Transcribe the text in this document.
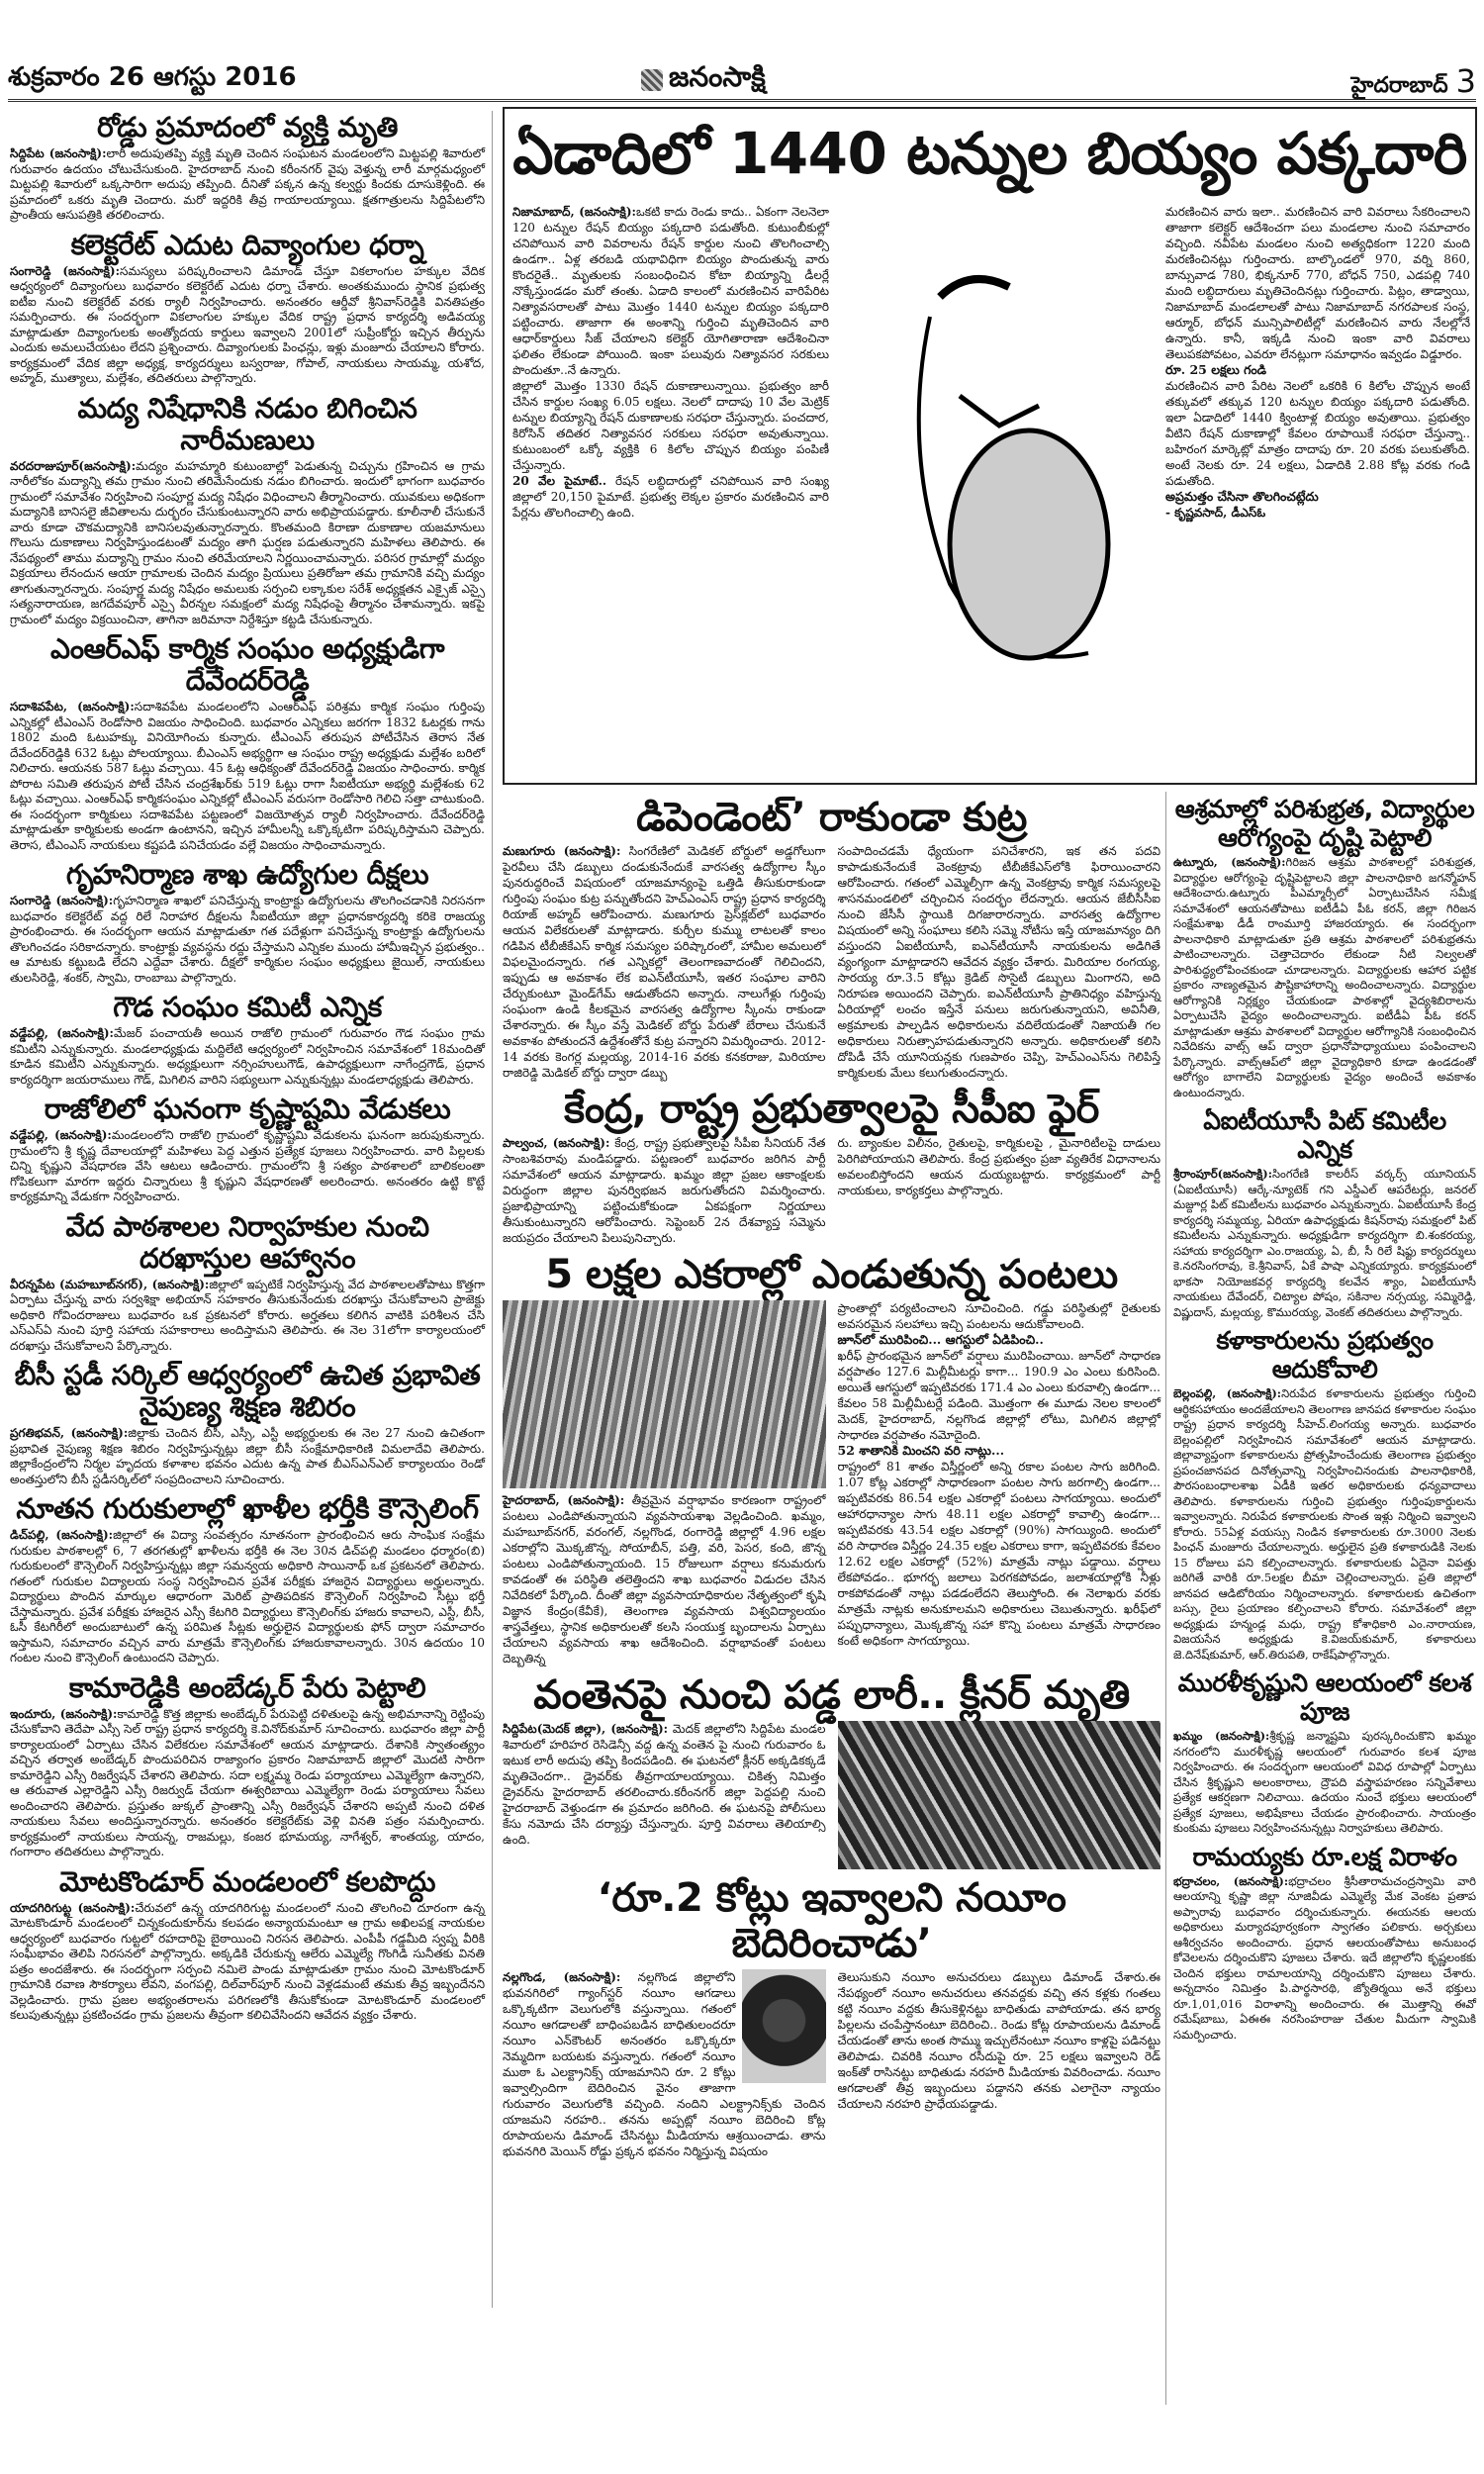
శుక్రవారం 26 ఆగస్టు 2016	జనంసాక్షి	హైదరాబాద్ 3
రోడ్డు ప్రమాదంలో వ్యక్తి మృతి

సిద్దిపేట (జనంసాక్షి):లారీ అదుపుతప్పి వ్యక్తి మృతి చెందిన సంఘటన మండలంలోని మిట్టపల్లి శివారులో గురువారం ఉదయం చోటుచేసుకుంది. హైదరాబాద్ నుంచి కరీంనగర్ వైపు వెళ్తున్న లారీ మార్గమధ్యంలో మిట్టపల్లి శివారులో ఒక్కసారిగా అదుపు తప్పింది. దీనితో పక్కన ఉన్న కల్వర్టు కిందకు దూసుకెళ్లింది. ఈ ప్రమాదంలో ఒకరు మృతి చెందారు. మరో ఇద్దరికి తీవ్ర గాయాలయ్యాయి. క్షతగాత్రులను సిద్దిపేటలోని ప్రాంతీయ ఆసుపత్రికి తరలించారు.

కలెక్టరేట్ ఎదుట దివ్యాంగుల ధర్నా

సంగారెడ్డి (జనంసాక్షి):సమస్యలు పరిష్కరించాలని డిమాండ్ చేస్తూ వికలాంగుల హక్కుల వేదిక ఆధ్వర్యంలో దివ్యాంగులు బుధవారం కలెక్టరేట్ ఎదుట ధర్నా చేశారు. అంతకుముందు స్థానిక ప్రభుత్వ ఐటీఐ నుంచి కలెక్టరేట్ వరకు ర్యాలీ నిర్వహించారు. అనంతరం ఆర్డీవో శ్రీనివాస్‌రెడ్డికి వినతిపత్రం సమర్పించారు. ఈ సందర్భంగా వికలాంగుల హక్కుల వేదిక రాష్ట్ర ప్రధాన కార్యదర్శి అడివయ్య మాట్లాడుతూ దివ్యాంగులకు అంత్యోదయ కార్డులు ఇవ్వాలని 2001లో సుప్రీంకోర్టు ఇచ్చిన తీర్పును ఎందుకు అమలుచేయటం లేదని ప్రశ్నించారు. దివ్యాంగులకు పింఛన్లు, ఇళ్లు మంజూరు చేయాలని కోరారు. కార్యక్రమంలో వేదిక జిల్లా అధ్యక్ష, కార్యదర్శులు బస్వరాజు, గోపాల్, నాయకులు సాయమ్మ, యశోద, అహ్మద్, ముత్యాలు, మల్లేశం, తదితరులు పాల్గొన్నారు.

మద్య నిషేధానికి నడుం బిగించిన నారీమణులు

వరదరాజుపూర్(జనంసాక్షి):మద్యం మహమ్మారి కుటుంబాల్లో పెడుతున్న చిచ్చును గ్రహించిన ఆ గ్రామ నారీలోకం మద్యాన్ని తమ గ్రామం నుంచి తరిమేసేందుకు నడుం బిగించారు. ఇందులో భాగంగా బుధవారం గ్రామంలో సమావేశం నిర్వహించి సంపూర్ణ మద్య నిషేధం విధించాలని తీర్మానించారు. యువకులు అధికంగా మద్యానికి బానిసలై జీవితాలను దుర్భరం చేసుకుంటున్నారని వారు అభిప్రాయపడ్డారు. కూలీనాలీ చేసుకునే వారు కూడా చౌకమద్యానికి బానిసలవుతున్నారన్నారు. కొంతమంది కిరాణా దుకాణాల యజమానులు గొలుసు దుకాణాలు నిర్వహిస్తుండటంతో మద్యం తాగి ఘర్షణ పడుతున్నారని మహిళలు తెలిపారు. ఈ నేపథ్యంలో తాము మద్యాన్ని గ్రామం నుంచి తరిమేయాలని నిర్ణయించామన్నారు. పరిసర గ్రామాల్లో మద్యం విక్రయాలు లేనందున ఆయా గ్రామాలకు చెందిన మద్యం ప్రియులు ప్రతిరోజూ తమ గ్రామానికి వచ్చి మద్యం తాగుతున్నారన్నారు. సంపూర్ణ మద్య నిషేధం అమలుకు సర్పంచి లక్కాకుల సరేశ్ అధ్యక్షతన ఎక్సైజ్ ఎస్సై సత్యనారాయణ, జగదేవపూర్ ఎస్సై వీరన్నల సమక్షంలో మద్య నిషేధంపై తీర్మానం చేశామన్నారు. ఇకపై గ్రామంలో మద్యం విక్రయించినా, తాగినా జరిమానా నిర్దేశిస్తూ కట్టడి చేసుకున్నారు.

ఎంఆర్‌ఎఫ్ కార్మిక సంఘం అధ్యక్షుడిగా దేవేందర్‌రెడ్డి

సదాశివపేట, (జనంసాక్షి):సదాశివపేట మండలంలోని ఎంఆర్‌ఎఫ్ పరిశ్రమ కార్మిక సంఘం గుర్తింపు ఎన్నికల్లో టీఎంఎస్ రెండోసారి విజయం సాధించింది. బుధవారం ఎన్నికలు జరగగా 1832 ఓటర్లకు గాను 1802 మంది ఓటుహక్కు వినియోగించు కున్నారు. టీఎంఎస్ తరుపున పోటీచేసిన తెరాస నేత దేవేందర్‌రెడ్డికి 632 ఓట్లు పోలయ్యాయి. బీఎంఎస్ అభ్యర్థిగా ఆ సంఘం రాష్ట్ర అధ్యక్షుడు మల్లేశం బరిలో నిలిచారు. ఆయనకు 587 ఓట్లు వచ్చాయి. 45 ఓట్ల ఆధిక్యంతో దేవేందర్‌రెడ్డి విజయం సాధించారు. కార్మిక పోరాట సమితి తరుపున పోటీ చేసిన చంద్రశేఖర్‌కు 519 ఓట్లు రాగా సీఐటీయూ అభ్యర్థి మల్లేశంకు 62 ఓట్లు వచ్చాయి. ఎంఆర్‌ఎఫ్ కార్మికసంఘం ఎన్నికల్లో టీఎంఎస్ వరుసగా రెండోసారి గెలిచి సత్తా చాటుకుంది. ఈ సందర్భంగా కార్మికులు సదాశివపేట పట్టణంలో విజయోత్సవ ర్యాలీ నిర్వహించారు. దేవేందర్‌రెడ్డి మాట్లాడుతూ కార్మికులకు అండగా ఉంటానని, ఇచ్చిన హామీలన్నీ ఒక్కొక్కటిగా పరిష్కరిస్తామని చెప్పారు. తెరాస, టీఎంఎస్ నాయకులు కష్టపడి పనిచేయడం వల్లే విజయం సాధించామన్నారు.

గృహనిర్మాణ శాఖ ఉద్యోగుల దీక్షలు

సంగారెడ్డి (జనంసాక్షి):గృహనిర్మాణ శాఖలో పనిచేస్తున్న కాంట్రాక్టు ఉద్యోగులను తొలగించడానికి నిరసనగా బుధవారం కలెక్టరేట్ వద్ద రిలే నిరాహార దీక్షలను సీఐటీయూ జిల్లా ప్రధానకార్యదర్శి కరికె రాజయ్య ప్రారంభించారు. ఈ సందర్భంగా ఆయన మాట్లాడుతూ గత పదేళ్లుగా పనిచేస్తున్న కాంట్రాక్టు ఉద్యోగులను తొలగించడం సరికాదన్నారు. కాంట్రాక్టు వ్యవస్థను రద్దు చేస్తామని ఎన్నికల ముందు హామీఇచ్చిన ప్రభుత్వం.. ఆ మాటకు కట్టుబడి లేదని ఎద్దేవా చేశారు. దీక్షలో కార్మికుల సంఘం అధ్యక్షులు జైయిల్, నాయకులు తులసిరెడ్డి, శంకర్, స్వామి, రాంబాబు పాల్గొన్నారు.

గౌడ సంఘం కమిటీ ఎన్నిక

వడ్డేపల్లి, (జనంసాక్షి):మేజర్ పంచాయతీ అయిన రాజోలి గ్రామంలో గురువారం గౌడ సంఘం గ్రామ కమిటీని ఎన్నుకున్నారు. మండలాధ్యక్షుడు మద్దిలేటి ఆధ్వర్యంలో నిర్వహించిన సమావేశంలో 18మందితో కూడిన కమిటీని ఎన్నుకున్నారు. అధ్యక్షులుగా నర్సింహులుగౌడ్, ఉపాధ్యక్షులుగా నాగేంద్రగౌడ్, ప్రధాన కార్యదర్శిగా జయరాములు గౌడ్, మిగిలిన వారిని సభ్యులుగా ఎన్నుకున్నట్లు మండలాధ్యక్షుడు తెలిపారు.

రాజోలిలో ఘనంగా కృష్ణాష్టమి వేడుకలు

వడ్డేపల్లి, (జనంసాక్షి):మండలంలోని రాజోలి గ్రామంలో కృష్ణాష్టమి వేడుకలను ఘనంగా జరుపుకున్నారు. గ్రామంలోని శ్రీ కృష్ణ దేవాలయాల్లో మహిళలు పెద్ద ఎత్తున ప్రత్యేక పూజలు నిర్వహించారు. వారి పిల్లలకు చిన్ని కృష్ణుని వేషధారణ వేసి ఆటలు ఆడించారు. గ్రామంలోని శ్రీ సత్యం పాఠశాలలో బాలికలంతా గోపికలుగా మారగా ఇద్దరు చిన్నారులు శ్రీ కృష్ణుని వేషధారణతో అలరించారు. అనంతరం ఉట్టి కొట్టే కార్యక్రమాన్ని వేడుకగా నిర్వహించారు.

వేద పాఠశాలల నిర్వాహకుల నుంచి దరఖాస్తుల ఆహ్వానం

వీరన్నపేట (మహబూబ్‌నగర్), (జనంసాక్షి):జిల్లాలో ఇప్పటికే నిర్వహిస్తున్న వేద పాఠశాలలతోపాటు కొత్తగా ఏర్పాటు చేస్తున్న వారు సర్వశిక్షా అభియాన్ సహకారం తీసుకునేందుకు దరఖాస్తు చేసుకోవాలని ప్రాజెక్టు అధికారి గోవిందరాజులు బుధవారం ఒక ప్రకటనలో కోరారు. అర్హతలు కలిగిన వాటికి పరిశీలన చేసి ఎస్‌ఎస్‌ఏ నుంచి పూర్తి సహాయ సహకారాలు అందిస్తామని తెలిపారు. ఈ నెల 31లోగా కార్యాలయంలో దరఖాస్తు చేసుకోవాలని పేర్కొన్నారు.

బీసీ స్టడీ సర్కిల్ ఆధ్వర్యంలో ఉచిత ప్రభావిత నైపుణ్య శిక్షణ శిబిరం

ప్రగతిభవన్, (జనంసాక్షి):జిల్లాకు చెందిన బీసీ, ఎస్సీ, ఎస్టీ అభ్యర్థులకు ఈ నెల 27 నుంచి ఉచితంగా ప్రభావిత నైపుణ్య శిక్షణ శిబిరం నిర్వహిస్తున్నట్లు జిల్లా బీసీ సంక్షేమాధికారిణి విమలాదేవి తెలిపారు. జిల్లాకేంద్రంలోని నిర్మల హృదయ కళాశాల భవనం ఎదుట ఉన్న పాత బీఎస్‌ఎన్‌ఎల్ కార్యాలయం రెండో అంతస్తులోని బీసీ స్టడీసర్కిల్‌లో సంప్రదించాలని సూచించారు.

నూతన గురుకులాల్లో ఖాళీల భర్తీకి కౌన్సెలింగ్

డిచ్‌పల్లి, (జనంసాక్షి):జిల్లాలో ఈ విద్యా సంవత్సరం నూతనంగా ప్రారంభించిన ఆరు సాంఘిక సంక్షేమ గురుకుల పాఠశాలల్లో 6, 7 తరగతుల్లో ఖాళీలను భర్తీకి ఈ నెల 30న డిచ్‌పల్లి మండలం ధర్మారం(బి) గురుకులంలో కౌన్సెలింగ్ నిర్వహిస్తున్నట్లు జిల్లా సమన్వయ అధికారి సాయినాథ్ ఒక ప్రకటనలో తెలిపారు. గతంలో గురుకుల విద్యాలయ సంస్థ నిర్వహించిన ప్రవేశ పరీక్షకు హాజరైన విద్యార్థులు అర్హులన్నారు. విద్యార్థులు పొందిన మార్కుల ఆధారంగా మెరిట్ ప్రాతిపదికన కౌన్సెలింగ్ నిర్వహించి సీట్లు భర్తీ చేస్తామన్నారు. ప్రవేశ పరీక్షకు హాజరైన ఎస్సీ కేటగిరి విద్యార్థులు కౌన్సెలింగ్‌కు హాజరు కావాలని, ఎస్టీ, బీసీ, ఓసీ కేటగిరీలో అందుబాటులో ఉన్న పరిమిత సీట్లకు అర్హులైన విద్యార్థులకు ఫోన్ ద్వారా సమాచారం ఇస్తామని, సమాచారం వచ్చిన వారు మాత్రమే కౌన్సెలింగ్‌కు హాజరుకావాలన్నారు. 30న ఉదయం 10 గంటల నుంచి కౌన్సెలింగ్ ఉంటుందని చెప్పారు.

కామారెడ్డికి అంబేడ్కర్ పేరు పెట్టాలి

ఇందూరు, (జనంసాక్షి):కామారెడ్డి కొత్త జిల్లాకు అంబేడ్కర్ పేరుపెట్టి దళితులపై ఉన్న అభిమానాన్ని రెట్టింపు చేసుకోవాని తెదేపా ఎస్సీ సెల్ రాష్ట్ర ప్రధాన కార్యదర్శి కె.వినోద్‌కుమార్ సూచించారు. బుధవారం జిల్లా పార్టీ కార్యాలయంలో ఏర్పాటు చేసిన విలేకరుల సమావేశంలో ఆయన మాట్లాడారు. దేశానికి స్వాతంత్య్రం వచ్చిన తర్వాత అంబేడ్కర్ పొందుపరిచిన రాజ్యాంగం ప్రకారం నిజామాబాద్ జిల్లాలో మొదటి సారిగా కామారెడ్డిని ఎస్సీ రిజర్వేషన్ చేశారని తెలిపారు. సదా లక్ష్మమ్మ రెండు పర్యాయాలు ఎమ్మెల్యేగా ఉన్నారని, ఆ తరువాత ఎల్లారెడ్డిని ఎస్సీ రిజర్వుడ్ చేయగా ఈశ్వరిబాయి ఎమ్మెల్యేగా రెండు పర్యాయాలు సేవలు అందించారని తెలిపారు. ప్రస్తుతం జుక్కల్ ప్రాంతాన్ని ఎస్సీ రిజర్వేషన్ చేశారని అప్పటి నుంచి దళిత నాయకులు సేవలు అందిస్తున్నారన్నారు. అనంతరం కలెక్టరేట్‌కు వెళ్లి వినతి పత్రం సమర్పించారు. కార్యక్రమంలో నాయకులు సాయన్న, రాజమల్లు, కంజర భూమయ్య, నాగేశ్వర్, శాంతయ్య, యాదం, గంగారాం తదితరులు పాల్గొన్నారు.

మోటకొండూర్ మండలంలో కలపొద్దు

యాదగిరిగుట్ట (జనంసాక్షి):చేరువలో ఉన్న యాదగిరిగుట్ట మండలంలో నుంచి తొలగించి దూరంగా ఉన్న మోటకొండూర్ మండలంలో చిన్నకందుకూర్‌ను కలపడం అన్యాయమంటూ ఆ గ్రామ అఖిలపక్ష నాయకుల ఆధ్వర్యంలో బుధవారం గుట్టలో రహదారిపై బైఠాయించి నిరసన తెలిపారు. ఎంపీపీ గడ్డమీది స్వప్న వీరికి సంఘీభావం తెలిపి నిరసనలో పాల్గొన్నారు. అక్కడికి చేరుకున్న ఆలేరు ఎమ్మెల్యే గొంగిడి సునీతకు వినతి పత్రం అందజేశారు. ఈ సందర్భంగా సర్పంచి నమిలె పాండు మాట్లాడుతూ గ్రామం నుంచి మోటకొండూర్ గ్రామానికి రవాణ సౌకర్యాలు లేవని, వంగపల్లి, దిల్‌వార్‌పూర్ నుంచి వెళ్లడమంటే తమకు తీవ్ర ఇబ్బందేనని వెల్లడించారు. గ్రామ ప్రజల అభ్యంతరాలను పరిగణలోకి తీసుకోకుండా మోటకొండూర్ మండలంలో కలుపుతున్నట్లు ప్రకటించడం గ్రామ ప్రజలను తీవ్రంగా కలిచివేసిందని ఆవేదన వ్యక్తం చేశారు.

ఏడాదిలో 1440 టన్నుల బియ్యం పక్కదారి

నిజామాబాద్, (జనంసాక్షి):ఒకటి కాదు రెండు కాదు.. ఏకంగా నెలనెలా 120 టన్నుల రేషన్ బియ్యం పక్కదారి పడుతోంది. కుటుంబీకుల్లో చనిపోయిన వారి వివరాలను రేషన్ కార్డుల నుంచి తొలగించాల్సి ఉండగా.. ఏళ్ల తరబడి యథావిధిగా బియ్యం పొందుతున్న వారు కొందరైతే.. మృతులకు సంబంధించిన కోటా బియ్యాన్ని డీలర్లే నొక్కేస్తుండడం మరో తంతు. ఏడాది కాలంలో మరణించిన వారిపేరిట నిత్యావసరాలతో పాటు మొత్తం 1440 టన్నుల బియ్యం పక్కదారి పట్టించారు. తాజాగా ఈ అంశాన్ని గుర్తించి మృతిచెందిన వారి ఆధార్‌కార్డులు సీజ్ చేయాలని కలెక్టర్ యోగితారాణా ఆదేశించినా ఫలితం లేకుండా పోయింది. ఇంకా పలువురు నిత్యావసర సరకులు పొందుతూ..నే ఉన్నారు.

జిల్లాలో మొత్తం 1330 రేషన్ దుకాణాలున్నాయి. ప్రభుత్వం జారీ చేసిన కార్డుల సంఖ్య 6.05 లక్షలు. నెలలో దాదాపు 10 వేల మెట్రిక్ టన్నుల బియ్యాన్ని రేషన్ దుకాణాలకు సరఫరా చేస్తున్నారు. పంచదార, కిరోసిన్ తదితర నిత్యావసర సరకులు సరఫరా అవుతున్నాయి. కుటుంబంలో ఒక్కో వ్యక్తికి 6 కిలోల చొప్పున బియ్యం పంపిణీ చేస్తున్నారు.

20 వేల పైమాటే.. రేషన్ లబ్ధిదారుల్లో చనిపోయిన వారి సంఖ్య జిల్లాలో 20,150 పైమాటే. ప్రభుత్వ లెక్కల ప్రకారం మరణించిన వారి పేర్లను తొలగించాల్సి ఉంది.

మరణించిన వారు ఇలా.. మరణించిన వారి వివరాలు సేకరించాలని తాజాగా కలెక్టర్ ఆదేశించగా పలు మండలాల నుంచి సమాచారం వచ్చింది. నవీపేట మండలం నుంచి అత్యధికంగా 1220 మంది మరణించినట్లు గుర్తించారు. బాల్కొండలో 970, వర్ని 860, బాన్సువాడ 780, భిక్కనూర్ 770, బోధన్ 750, ఎడపల్లి 740 మంది లబ్ధిదారులు మృతిచెందినట్లు గుర్తించారు. పిట్లం, తాడ్వాయి, నిజామాబాద్ మండలాలతో పాటు నిజామాబాద్ నగరపాలక సంస్థ, ఆర్మూర్, బోధన్ మున్సిపాలిటీల్లో మరణించిన వారు నేలల్లోనే ఉన్నారు. కానీ, ఇక్కడి నుంచి ఇంకా వారి వివరాలు తెలుపకపోవటం, ఎవరూ లేనట్లుగా సమాధానం ఇవ్వడం విడ్డూరం.

రూ. 25 లక్షలు గండి

మరణించిన వారి పేరిట నెలలో ఒకరికి 6 కిలోల చొప్పున అంటే తక్కువలో తక్కువ 120 టన్నుల బియ్యం పక్కదారి పడుతోంది. ఇలా ఏడాదిలో 1440 క్వింటాళ్ల బియ్యం అవుతాయి. ప్రభుత్వం వీటిని రేషన్ దుకాణాల్లో కేవలం రూపాయికే సరఫరా చేస్తున్నా.. బహిరంగ మార్కెట్లో మాత్రం దాదాపు రూ. 20 వరకు పలుకుతోంది. అంటే నెలకు రూ. 24 లక్షలు, ఏడాదికి 2.88 కోట్ల వరకు గండి పడుతోంది.

అప్రమత్తం చేసినా తొలగించట్లేదు
- కృష్ణవసాద్, డీఎస్‌ఓ
డిపెండెంట్’ రాకుండా కుట్ర

మణుగూరు (జనంసాక్షి): సింగరేణిలో మెడికల్ బోర్డులో అడ్డగోలుగా పైరవీలు చేసి డబ్బులు దండుకునేందుకే వారసత్వ ఉద్యోగాల స్కీం పునరుద్ధరించే విషయంలో యాజమాన్యంపై ఒత్తిడి తీసుకురాకుండా గుర్తింపు సంఘం కుట్ర పన్నుతోందని హెచ్‌ఎంఎస్ రాష్ట్ర ప్రధాన కార్యదర్శి రియాజ్ అహ్మద్ ఆరోపించారు. మణుగూరు ప్రెస్‌క్లబ్‌లో బుధవారం ఆయన విలేకరులతో మాట్లాడారు. కుర్చీల కుమ్ము లాటలతో కాలం గడిపిన టీబీజీకేఎస్ కార్మిక సమస్యల పరిష్కారంలో, హామీల అమలులో విఫలమైందన్నారు. గత ఎన్నికల్లో తెలంగాణవాదంతో గెలిచిందని, ఇప్పుడు ఆ అవకాశం లేక ఐఎన్‌టీయూసీ, ఇతర సంఘాల వారిని చేర్చుకుంటూ మైండ్‌గేమ్ ఆడుతోందని అన్నారు. నాలుగేళ్లు గుర్తింపు సంఘంగా ఉండి కీలకమైన వారసత్వ ఉద్యోగాల స్కీంను రాకుండా చేశారన్నారు. ఈ స్కీం వస్తే మెడికల్ బోర్డు పేరుతో బేరాలు చేసుకునే అవకాశం పోతుందనే ఉద్దేశంతోనే కుట్ర పన్నారని విమర్శించారు. 2012-14 వరకు కెంగర్ల మల్లయ్య, 2014-16 వరకు కనకరాజు, మిరియాల రాజిరెడ్డి మెడికల్ బోర్డు ద్వారా డబ్బు

సంపాదించడమే ధ్యేయంగా పనిచేశారని, ఇక తన పదవి కాపాడుకునేందుకే వెంకట్రావు టీబీజీకేఎస్‌లోకి ఫిరాయించారని ఆరోపించారు. గతంలో ఎమ్మెల్సీగా ఉన్న వెంకట్రావు కార్మిక సమస్యలపై శాసనమండలిలో చర్చించిన సందర్భం లేదన్నారు. ఆయన జేబీసీసీఐ నుంచి జేసీసీ స్థాయికి దిగజారారన్నారు. వారసత్వ ఉద్యోగాల విషయంలో అన్ని సంఘాలు కలిసి సమ్మె నోటీసు ఇస్తే యాజమాన్యం దిగి వస్తుందని ఏఐటీయూసీ, ఐఎన్‌టీయూసీ నాయకులను అడిగితే వ్యంగ్యంగా మాట్లాడారని ఆవేదన వ్యక్తం చేశారు. మిరియాల రంగయ్య, సారయ్య రూ.3.5 కోట్లు క్రెడిట్ సొసైటీ డబ్బులు మింగారని, అది నిరూపణ అయిందని చెప్పారు. ఐఎన్‌టీయూసీ ప్రాతినిధ్యం వహిస్తున్న ఏరియాల్లో లంచం ఇస్తేనే పనులు జరుగుతున్నాయని, అవినీతి, అక్రమాలకు పాల్పడిన అధికారులను వదిలేయడంతో నిజాయతీ గల అధికారులు నిరుత్సాహపడుతున్నారని అన్నారు. అధికారులతో కలిసి దోపిడీ చేసే యూనియన్లకు గుణపాఠం చెప్పి, హెచ్‌ఎంఎస్‌ను గెలిపిస్తే కార్మికులకు మేలు కలుగుతుందన్నారు.

కేంద్ర, రాష్ట్ర ప్రభుత్వాలపై సీపీఐ ఫైర్

పాల్వంచ, (జనంసాక్షి): కేంద్ర, రాష్ట్ర ప్రభుత్వాలపై సీపీఐ సీనియర్ నేత సాంబశివరావు మండిపడ్డారు. పట్టణంలో బుధవారం జరిగిన పార్టీ సమావేశంలో ఆయన మాట్లాడారు. ఖమ్మం జిల్లా ప్రజల ఆకాంక్షలకు విరుద్ధంగా జిల్లాల పునర్విభజన జరుగుతోందని విమర్శించారు. ప్రజాభిప్రాయాన్ని పట్టించుకోకుండా ఏకపక్షంగా నిర్ణయాలు తీసుకుంటున్నారని ఆరోపించారు. సెప్టెంబర్ 2న దేశవ్యాప్త సమ్మెను జయప్రదం చేయాలని పిలుపునిచ్చారు.

రు. బ్యాంకుల విలీనం, రైతులపై, కార్మికులపై , మైనారిటీలపై దాడులు పెరిగిపోయాయని తెలిపారు. కేంద్ర ప్రభుత్వం ప్రజా వ్యతిరేక విధానాలను అవలంబిస్తోందని ఆయన దుయ్యబట్టారు. కార్యక్రమంలో పార్టీ నాయకులు, కార్యకర్తలు పాల్గొన్నారు.

5 లక్షల ఎకరాల్లో ఎండుతున్న పంటలు

హైదరాబాద్, (జనంసాక్షి): తీవ్రమైన వర్షాభావం కారణంగా రాష్ట్రంలో పంటలు ఎండిపోతున్నాయని వ్యవసాయశాఖ వెల్లడించింది. ఖమ్మం, మహబూబ్‌నగర్, వరంగల్, నల్లగొండ, రంగారెడ్డి జిల్లాల్లో 4.96 లక్షల ఎకరాల్లోని మొక్కజొన్న, సోయాబీన్, పత్తి, వరి, పెసర, కంది, జొన్న పంటలు ఎండిపోతున్నాయంది. 15 రోజులుగా వర్షాలు కనుమరుగు కావడంతో ఈ పరిస్థితి తలెత్తిందని శాఖ బుధవారం విడుదల చేసిన నివేదికలో పేర్కొంది. దీంతో జిల్లా వ్యవసాయాధికారుల నేతృత్వంలో కృషి విజ్ఞాన కేంద్రం(కేవీకే), తెలంగాణ వ్యవసాయ విశ్వవిద్యాలయం శాస్త్రవేత్తలు, స్థానిక అధికారులతో కలసి సంయుక్త బృందాలను ఏర్పాటు చేయాలని వ్యవసాయ శాఖ ఆదేశించింది. వర్షాభావంతో పంటలు దెబ్బతిన్న

ప్రాంతాల్లో పర్యటించాలని సూచించింది. గడ్డు పరిస్థితుల్లో రైతులకు అవసరమైన సలహాలు ఇచ్చి పంటలను ఆదుకోవాలంది.

జూన్‌లో మురిపించి... ఆగస్టులో ఏడిపించి..

ఖరీఫ్ ప్రారంభమైన జూన్‌లో వర్షాలు మురిపించాయి. జూన్‌లో సాధారణ వర్షపాతం 127.6 మిల్లీమీటర్లు కాగా... 190.9 ఎం ఎంలు కురిసింది. అయితే ఆగస్టులో ఇప్పటివరకు 171.4 ఎం ఎంలు కురవాల్సి ఉండగా... కేవలం 58 మిల్లీమీటర్లే పడింది. మొత్తంగా ఈ మూడు నెలల కాలంలో మెదక్, హైదరాబాద్, నల్లగొండ జిల్లాల్లో లోటు, మిగిలిన జిల్లాల్లో సాధారణ వర్షపాతం నమోదైంది.

52 శాతానికి మించని వరి నాట్లు...

రాష్ట్రంలో 81 శాతం విస్తీర్ణంలో అన్ని రకాల పంటల సాగు జరిగింది. 1.07 కోట్ల ఎకరాల్లో సాధారణంగా పంటల సాగు జరగాల్సి ఉండగా... ఇప్పటివరకు 86.54 లక్షల ఎకరాల్లో పంటలు సాగయ్యాయి. అందులో ఆహారధాన్యాల సాగు 48.11 లక్షల ఎకరాల్లో కావాల్సి ఉండగా... ఇప్పటివరకు 43.54 లక్షల ఎకరాల్లో (90%) సాగయ్యింది. అందులో వరి సాధారణ విస్తీర్ణం 24.35 లక్షల ఎకరాలు కాగా, ఇప్పటివరకు కేవలం 12.62 లక్షల ఎకరాల్లో (52%) మాత్రమే నాట్లు పడ్డాయి. వర్షాలు లేకపోవడం.. భూగర్భ జలాలు పెరగకపోవడం, జలాశయాల్లోకి నీళ్లు రాకపోవడంతో నాట్లు పడడంలేదని తెలుస్తోంది. ఈ నెలాఖరు వరకు మాత్రమే నాట్లకు అనుకూలమని అధికారులు చెబుతున్నారు. ఖరీఫ్‌లో పప్పుధాన్యాలు, మొక్కజొన్న సహా కొన్ని పంటలు మాత్రమే సాధారణం కంటే అధికంగా సాగయ్యాయి.

వంతెనపై నుంచి పడ్డ లారీ.. క్లీనర్ మృతి

సిద్దిపేట(మెదక్ జిల్లా), (జనంసాక్షి): మెదక్ జిల్లాలోని సిద్దిపేట మండల శివారులో హరిహర రెసిడెన్సీ వద్ద ఉన్న వంతెన పై నుంచి గురువారం ఓ ఇటుక లారీ అదుపు తప్పి కిందపడింది. ఈ ఘటనలో క్లీనర్ అక్కడికక్కడే మృతిచెందగా.. డ్రైవర్‌కు తీవ్రగాయాలయ్యాయి. చికిత్స నిమిత్తం డ్రైవర్‌ను హైదరాబాద్ తరలించారు.కరీంనగర్ జిల్లా పెద్దపల్లి నుంచి హైదరాబాద్ వెళ్తుండగా ఈ ప్రమాదం జరిగింది. ఈ ఘటనపై పోలీసులు కేసు నమోదు చేసి దర్యాప్తు చేస్తున్నారు. పూర్తి వివరాలు తెలియాల్సి ఉంది.

‘రూ.2 కోట్లు ఇవ్వాలని నయీం బెదిరించాడు’

నల్లగొండ, (జనంసాక్షి): నల్లగొండ జిల్లాలోని భువనగిరిలో గ్యాంగ్‌స్టర్ నయీం ఆగడాలు ఒక్కొక్కటిగా వెలుగులోకి వస్తున్నాయి. గతంలో నయీం ఆగడాలతో బాధింపబడిన బాధితులందరూ నయీం ఎన్‌కౌంటర్ అనంతరం ఒక్కొక్కరూ నెమ్మదిగా బయటకు వస్తున్నారు. గతంలో నయీం ముఠా ఓ ఎలక్ట్రానిక్స్ యాజమానిని రూ. 2 కోట్లు ఇవ్వాల్సిందిగా బెదిరించిన వైనం తాజాగా గురువారం వెలుగులోకి వచ్చింది. నందిని ఎలక్ట్రానిక్స్‌కు చెందిన యాజమని నరహరి.. తనను అప్పట్లో నయీం బెదిరించి కోట్ల రూపాయలను డిమాండ్ చేసినట్టు మీడియాను ఆశ్రయించాడు. తాను భువనగిరి మెయిన్ రోడ్డు ప్రక్కన భవనం నిర్మిస్తున్న విషయం

తెలుసుకుని నయీం అనుచరులు డబ్బులు డిమాండ్ చేశారు.ఈ నేపథ్యంలో నయీం అనుచరులు తనవద్దకు వచ్చి తన కళ్లకు గంతలు కట్టి నయీం వద్దకు తీసుకెళ్లినట్టు బాధితుడు వాపోయాడు. తన భార్య పిల్లలను చంపేస్తానంటూ బెదిరించి.. రెండు కోట్ల రూపాయలను డిమాండ్ చేయడంతో తాను అంత సొమ్ము ఇచ్చులేనంటూ నయీం కాళ్లపై పడినట్టు తెలిపాడు. చివరికి నయీం రసీదుపై రూ. 25 లక్షలు ఇవ్వాలని రెడ్ ఇంక్‌తో రాసినట్టు బాధితుడు నరహరి మీడియాకు వివరించాడు. నయీం ఆగడాలతో తీవ్ర ఇబ్బందులు పడ్డానని తనకు ఎలాగైనా న్యాయం చేయాలని నరహరి ప్రాధేయపడ్డాడు.

ఆశ్రమాల్లో పరిశుభ్రత, విద్యార్థుల ఆరోగ్యంపై దృష్టి పెట్టాలి

ఉట్నూరు, (జనంసాక్షి):గిరిజన ఆశ్రమ పాఠశాలల్లో పరిశుభ్రత, విద్యార్థుల ఆరోగ్యంపై దృష్టిపెట్టాలని జిల్లా పాలనాధికారి జగన్మోహన్ ఆదేశించారు.ఉట్నూరు పీఎమ్మార్సీలో ఏర్పాటుచేసిన సమీక్ష సమావేశంలో ఆయనతోపాటు ఐటీడీఏ పీఓ కరన్, జిల్లా గిరిజన సంక్షేమశాఖ డీడీ రాంమూర్తి హాజరయ్యారు. ఈ సందర్భంగా పాలనాధికారి మాట్లాడుతూ ప్రతి ఆశ్రమ పాఠశాలలో పరిశుభ్రతను పాటించాలన్నారు. చెత్తాచెదారం లేకుండా నీటి నిల్వలతో పారిశుద్ధ్యలోపించకుండా చూడాలన్నారు. విద్యార్థులకు ఆహార పట్టిక ప్రకారం నాణ్యతమైన పౌష్టికాహారాన్ని అందించాలన్నారు. విద్యార్థుల ఆరోగ్యానికి నిర్లక్ష్యం చేయకుండా పాఠశాల్లో వైద్యశిబిరాలను ఏర్పాటుచేసి వైద్యం అందించాలన్నారు. ఐటీడీఏ పీఓ కరన్ మాట్లాడుతూ ఆశ్రమ పాఠశాలలో విద్యార్థుల ఆరోగ్యానికి సంబంధించిన నివేదికను వాట్స్ ఆప్ ద్వారా ప్రధానోపాధ్యాయులు పంపించాలని పేర్కొన్నారు. వాట్స్‌ఆప్‌లో జిల్లా వైద్యాధికారి కూడా ఉండడంతో ఆరోగ్యం బాగాలేని విద్యార్థులకు వైద్యం అందించే అవకాశం ఉంటుందన్నారు.

ఏఐటీయూసీ పిట్ కమిటీల ఎన్నిక

శ్రీరాంపూర్(జనంసాక్షి):సింగరేణి కాలరీస్ వర్కర్స్ యూనియన్ (ఏఐటీయూసీ) ఆర్కే-న్యూటెక్ గని ఎస్డీఎల్ ఆపరేటర్లు, జనరల్ మజ్దూర్ల పిట్ కమిటీలను బుధవారం ఎన్నుకున్నారు. ఏఐటీయూసీ కేంద్ర కార్యదర్శి సమ్మయ్య, ఏరియా ఉపాధ్యక్షుడు కిషన్‌రావు సమక్షంలో పిట్ కమిటీలను ఎన్నుకున్నారు. అధ్యక్షుడిగా కార్యదర్శిగా బి.శంకరయ్య, సహాయ కార్యదర్శిగా ఎం.రాజయ్య, ఏ, బీ, సీ రిలే షిఫ్టు కార్యదర్శులు కె.నరసింగరావు, కె.శ్రీనివాస్, ఏకే పాషా ఎన్నికయ్యారు. కార్యక్రమంలో భాకసా నియోజకవర్గ కార్యదర్శి కలవేన శ్యాం, ఏఐటీయూసీ నాయకులు దేవేందర్, చిట్యాల పోషం, సకినాల నర్సయ్య, సమ్మిరెడ్డి, విష్ణుదాస్, మల్లయ్య, కొమురయ్య, వెంకట్ తదితరులు పాల్గొన్నారు.

కళాకారులను ప్రభుత్వం ఆదుకోవాలి

బెల్లంపల్లి, (జనంసాక్షి):నిరుపేద కళాకారులను ప్రభుత్వం గుర్తించి ఆర్థికసహాయం అందజేయాలని తెలంగాణ జానపద కళాకారుల సంఘం రాష్ట్ర ప్రధాన కార్యదర్శి సీహెచ్.లింగయ్య అన్నారు. బుధవారం బెల్లంపల్లిలో నిర్వహించిన సమావేశంలో ఆయన మాట్లాడారు. జిల్లావ్యాప్తంగా కళాకారులను ప్రోత్సహించేందుకు తెలంగాణ ప్రభుత్వం ప్రపంచజానపద దినోత్సవాన్ని నిర్వహించినందుకు పాలనాధికారికి, పౌరసంబంధాలశాఖ ఏడీకి ఇతర అధికారులకు ధన్యవాదాలు తెలిపారు. కళాకారులను గుర్తించి ప్రభుత్వం గుర్తింపుకార్డులను ఇవ్వాలన్నారు. నిరుపేద కళాకారులకు సొంత ఇళ్లు నిర్మించి ఇవ్వాలని కోరారు. 55ఏళ్ల వయస్సు నిండిన కళాకారులకు రూ.3000 నెలకు పింఛన్ మంజూరు చేయాలన్నారు. అర్హులైన ప్రతి కళాకారుడికి నెలకు 15 రోజులు పని కల్పించాలన్నారు. కళాకారులకు ఏదైనా విపత్తు జరిగితే వారికి రూ.5లక్షల బీమా చెల్లించాలన్నారు. ప్రతి జిల్లాలో జానపద ఆడిటోరియం నిర్మించాలన్నారు. కళాకారులకు ఉచితంగా బస్సు, రైలు ప్రయాణం కల్పించాలని కోరారు. సమావేశంలో జిల్లా అధ్యక్షుడు హన్మండ్ల మధు, రాష్ట్ర కోశాధికారి ఎం.నారాయణ, విజయసేన అధ్యక్షుడు కె.విజయ్‌కుమార్, కళాకారులు జె.దినేష్‌కుమార్, ఆర్.తిరుపతి, రాకేష్‌పాల్గొన్నారు.

మురళీకృష్ణుని ఆలయంలో కలశ పూజ

ఖమ్మం (జనంసాక్షి):శ్రీకృష్ణ జన్మాష్టమి పురస్కరించుకొని ఖమ్మం నగరంలోని మురళీకృష్ణ ఆలయంలో గురువారం కలశ పూజ నిర్వహించారు. ఈ సందర్భంగా ఆలయంలో వివిధ రూపాల్లో ఏర్పాటు చేసిన శ్రీకృష్ణుని అలంకారాలు, ద్రౌపది వస్త్రాపహరణం సన్నివేశాలు ప్రత్యేక ఆకర్షణగా నిలిచాయి. ఉదయం నుంచే భక్తులు ఆలయంలో ప్రత్యేక పూజలు, అభిషేకాలు చేయడం ప్రారంభించారు. సాయంత్రం కుంకుమ పూజలు నిర్వహించనున్నట్లు నిర్వాహకులు తెలిపారు.

రామయ్యకు రూ.లక్ష విరాళం

భద్రాచలం, (జనంసాక్షి):భద్రాచలం శ్రీసీతారామచంద్రస్వామి వారి ఆలయాన్ని కృష్ణా జిల్లా నూజివీడు ఎమ్మెల్యే మేక వెంకట ప్రతాప అప్పారావు బుధవారం దర్శించుకున్నారు. ఈయనకు ఆలయ అధికారులు మర్యాదపూర్వకంగా స్వాగతం పలికారు. అర్చకులు ఆశీర్వచనం అందించారు. ప్రధాన ఆలయంతోపాటు అనుబంధ కోవెలలను దర్శించుకొని పూజలు చేశారు. ఇదే జిల్లాలోని కృష్ణలంకకు చెందిన భక్తులు రామాలయాన్ని దర్శించుకొని పూజలు చేశారు. అన్నదానం నిమిత్తం పి.పార్థసారథి, జ్యోతిర్మయి అనే భక్తులు రూ.1,01,016 విరాళాన్ని అందించారు. ఈ మొత్తాన్ని ఈవో రమేష్‌బాబు, ఏఈఈ నరసింహరాజు చేతుల మీదుగా స్వామికి సమర్పించారు.
